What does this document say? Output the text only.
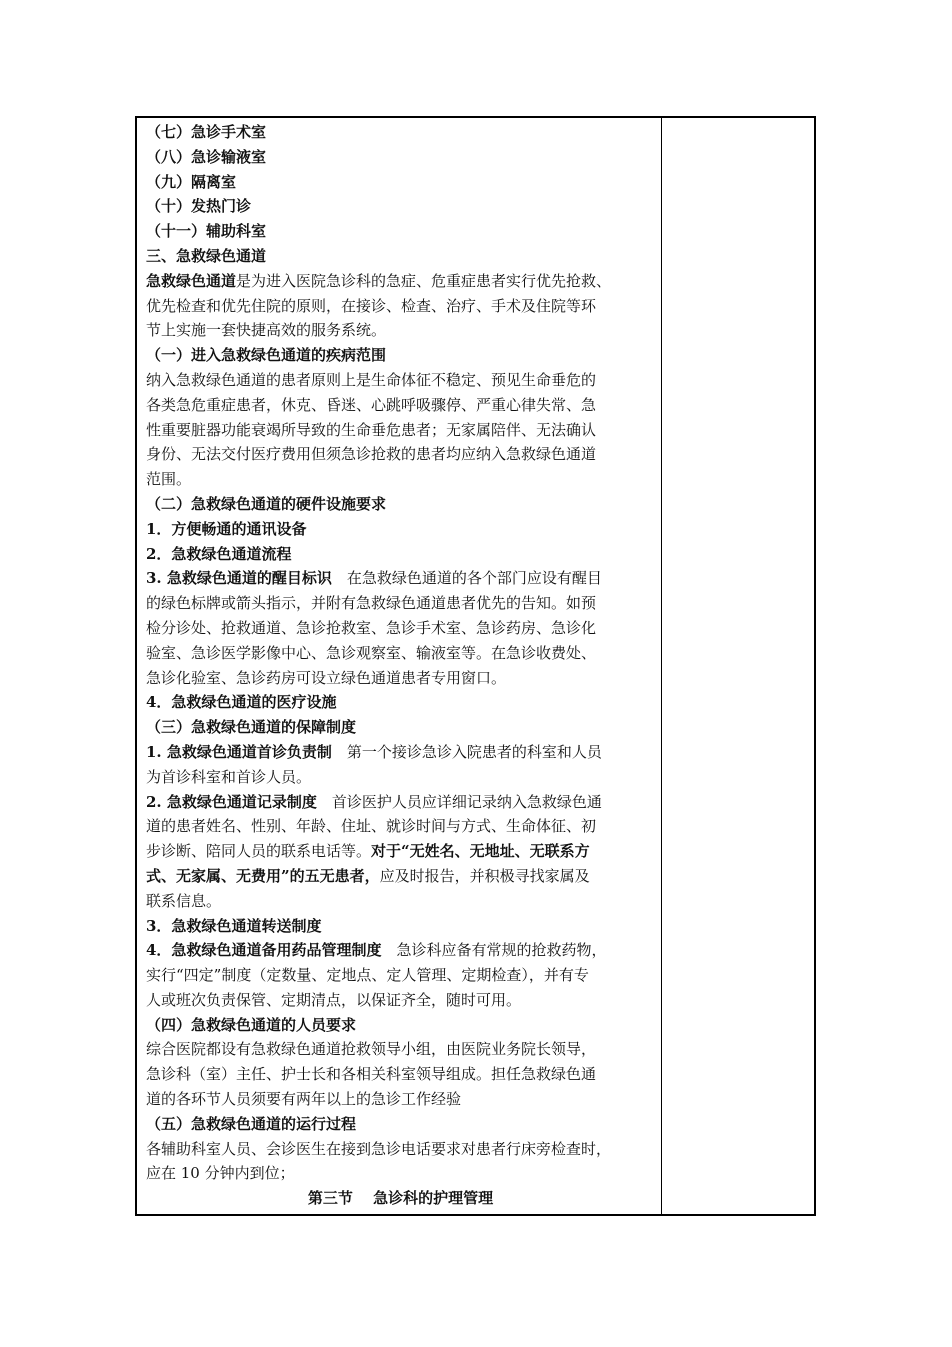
（七）急诊手术室
（八）急诊输液室
（九）隔离室
（十）发热门诊
（十一）辅助科室
三、急救绿色通道
急救绿色通道是为进入医院急诊科的急症、危重症患者实行优先抢救、
优先检查和优先住院的原则，在接诊、检查、治疗、手术及住院等环
节上实施一套快捷高效的服务系统。
（一）进入急救绿色通道的疾病范围
纳入急救绿色通道的患者原则上是生命体征不稳定、预见生命垂危的
各类急危重症患者，休克、昏迷、心跳呼吸骤停、严重心律失常、急
性重要脏器功能衰竭所导致的生命垂危患者；无家属陪伴、无法确认
身份、无法交付医疗费用但须急诊抢救的患者均应纳入急救绿色通道
范围。
（二）急救绿色通道的硬件设施要求
1．方便畅通的通讯设备
2．急救绿色通道流程
3. 急救绿色通道的醒目标识　在急救绿色通道的各个部门应设有醒目
的绿色标牌或箭头指示，并附有急救绿色通道患者优先的告知。如预
检分诊处、抢救通道、急诊抢救室、急诊手术室、急诊药房、急诊化
验室、急诊医学影像中心、急诊观察室、输液室等。在急诊收费处、
急诊化验室、急诊药房可设立绿色通道患者专用窗口。
4．急救绿色通道的医疗设施
（三）急救绿色通道的保障制度
1. 急救绿色通道首诊负责制　第一个接诊急诊入院患者的科室和人员
为首诊科室和首诊人员。
2. 急救绿色通道记录制度　首诊医护人员应详细记录纳入急救绿色通
道的患者姓名、性别、年龄、住址、就诊时间与方式、生命体征、初
步诊断、陪同人员的联系电话等。对于“无姓名、无地址、无联系方
式、无家属、无费用”的五无患者，应及时报告，并积极寻找家属及
联系信息。
3．急救绿色通道转送制度
4．急救绿色通道备用药品管理制度　急诊科应备有常规的抢救药物，
实行“四定”制度（定数量、定地点、定人管理、定期检查），并有专
人或班次负责保管、定期清点，以保证齐全，随时可用。
（四）急救绿色通道的人员要求
综合医院都设有急救绿色通道抢救领导小组，由医院业务院长领导，
急诊科（室）主任、护士长和各相关科室领导组成。担任急救绿色通
道的各环节人员须要有两年以上的急诊工作经验
（五）急救绿色通道的运行过程
各辅助科室人员、会诊医生在接到急诊电话要求对患者行床旁检查时，
应在 10 分钟内到位；
第三节　 急诊科的护理管理
